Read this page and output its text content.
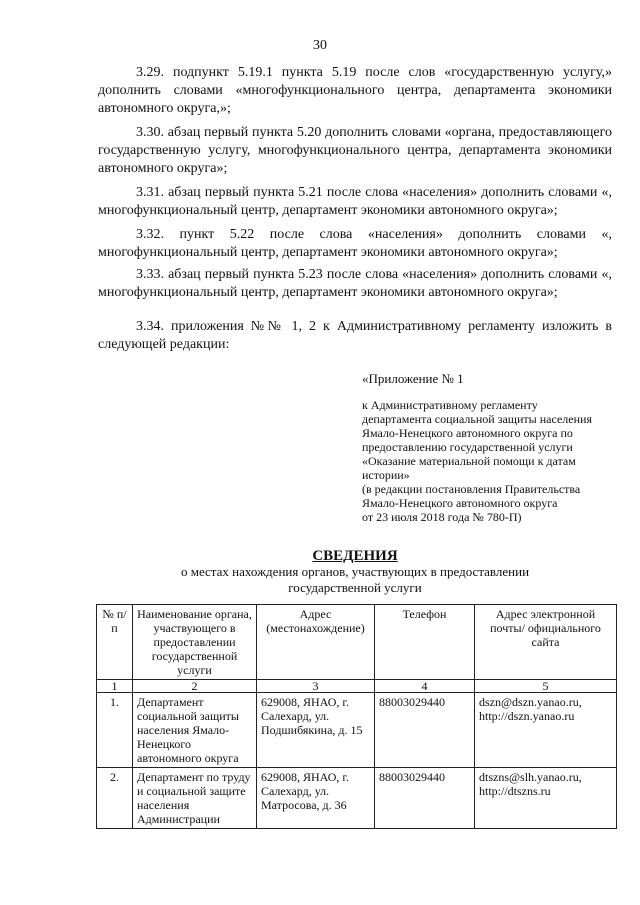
30

3.29. подпункт 5.19.1 пункта 5.19 после слов «государственную услугу,» дополнить словами «многофункционального центра, департамента экономики автономного округа,»;

3.30. абзац первый пункта 5.20 дополнить словами «органа, предоставляющего государственную услугу, многофункционального центра, департамента экономики автономного округа»;

3.31. абзац первый пункта 5.21 после слова «населения» дополнить словами «, многофункциональный центр, департамент экономики автономного округа»;

3.32. пункт 5.22 после слова «населения» дополнить словами «, многофункциональный центр, департамент экономики автономного округа»;

3.33. абзац первый пункта 5.23 после слова «населения» дополнить словами «, многофункциональный центр, департамент экономики автономного округа»;

3.34. приложения №№ 1, 2 к Административному регламенту изложить в следующей редакции:

«Приложение № 1
к Административному регламенту
департамента социальной защиты населения
Ямало-Ненецкого автономного округа по
предоставлению государственной услуги
«Оказание материальной помощи к датам
истории»
(в редакции постановления Правительства
Ямало-Ненецкого автономного округа
от 23 июля 2018 года № 780-П)
СВЕДЕНИЯ
о местах нахождения органов, участвующих в предоставлении
государственной услуги
№ п/п	Наименование органа, участвующего в предоставлении государственной услуги	Адрес (местонахождение)	Телефон	Адрес электронной почты/ официального сайта
1	2	3	4	5
1.	Департамент социальной защиты населения Ямало-Ненецкого автономного округа	629008, ЯНАО, г. Салехард, ул. Подшибякина, д. 15	88003029440	dszn@dszn.yanao.ru, http://dszn.yanao.ru
2.	Департамент по труду и социальной защите населения Администрации	629008, ЯНАО, г. Салехард, ул. Матросова, д. 36	88003029440	dtszns@slh.yanao.ru, http://dtszns.ru
